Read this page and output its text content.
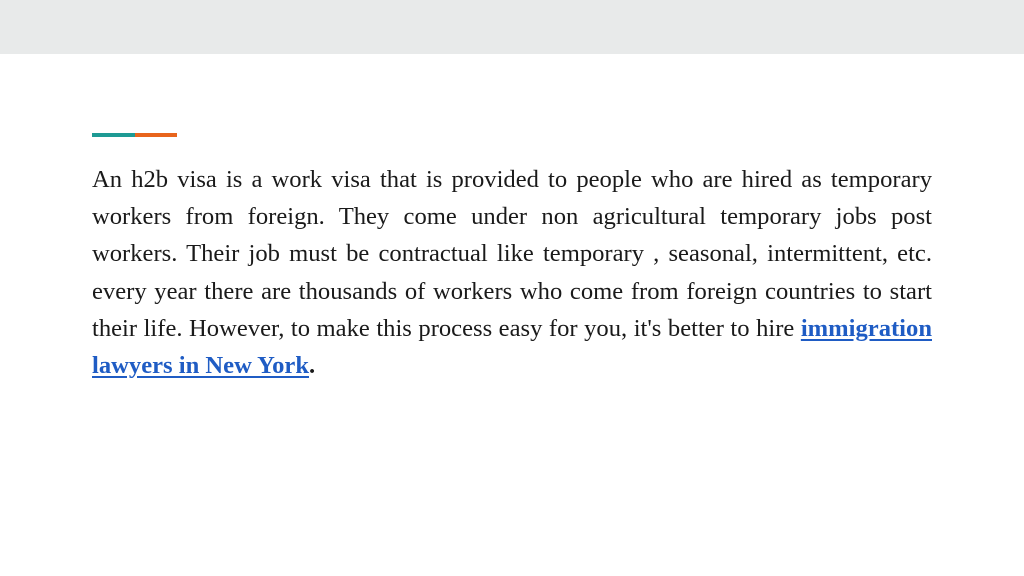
An h2b visa is a work visa that is provided to people who are hired as temporary workers from foreign. They come under non agricultural temporary jobs post workers. Their job must be contractual like temporary , seasonal, intermittent, etc. every year there are thousands of workers who come from foreign countries to start their life. However, to make this process easy for you, it's better to hire immigration lawyers in New York.
